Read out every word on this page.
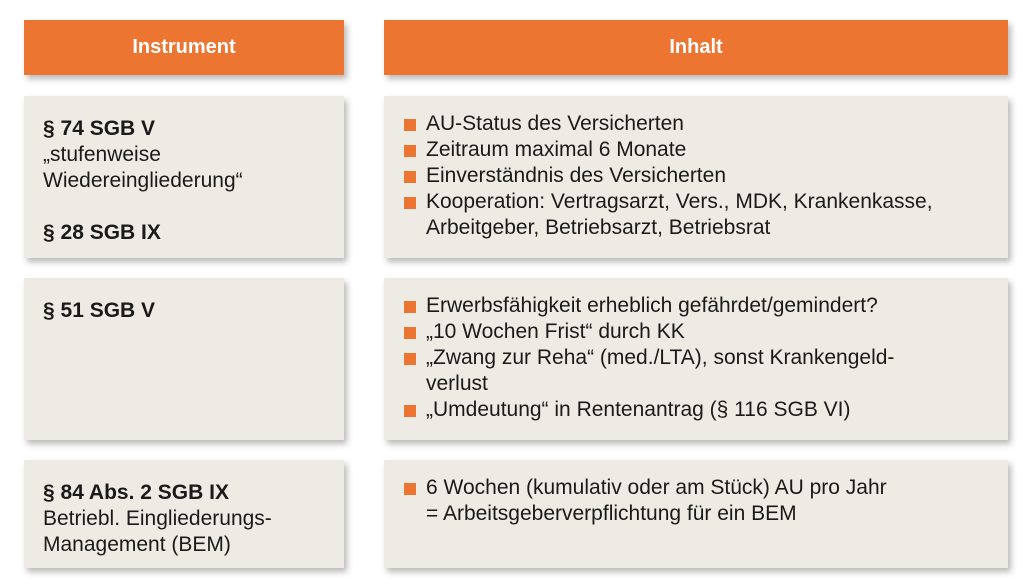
Instrument	Inhalt
§ 74 SGB V
„stufenweise
Wiedereingliederung“
§ 28 SGB IX
AU-Status des Versicherten
Zeitraum maximal 6 Monate
Einverständnis des Versicherten
Kooperation: Vertragsarzt, Vers., MDK, Krankenkasse,
Arbeitgeber, Betriebsarzt, Betriebsrat
§ 51 SGB V	Erwerbsfähigkeit erheblich gefährdet/gemindert?
„10 Wochen Frist“ durch KK
„Zwang zur Reha“ (med./LTA), sonst Krankengeld-
verlust
„Umdeutung“ in Rentenantrag (§ 116 SGB VI)
§ 84 Abs. 2 SGB IX
Betriebl. Eingliederungs-
Management (BEM)
6 Wochen (kumulativ oder am Stück) AU pro Jahr
= Arbeitsgeberverpflichtung für ein BEM
